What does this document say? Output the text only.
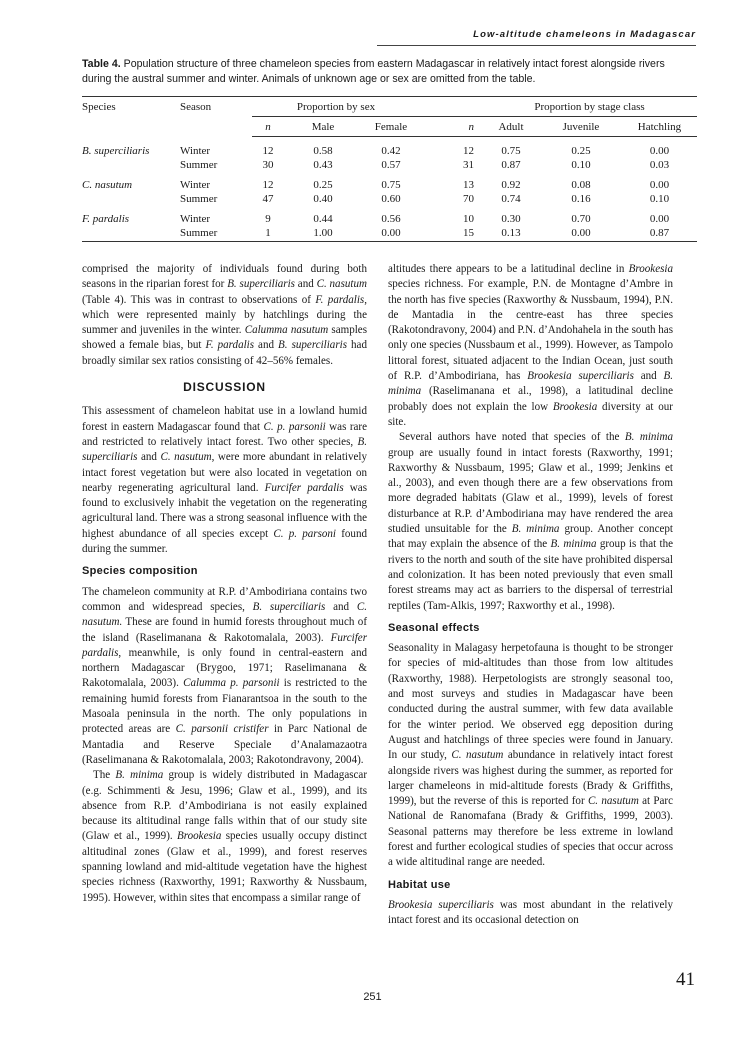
Low-altitude chameleons in Madagascar
Table 4. Population structure of three chameleon species from eastern Madagascar in relatively intact forest alongside rivers during the austral summer and winter. Animals of unknown age or sex are omitted from the table.
Species	Season	Proportion by sex				Proportion by stage class		
		n	Male	Female	n	Adult	Juvenile	Hatchling

B. superciliaris	Winter	12	0.58	0.42	12	0.75	0.25	0.00
	Summer	30	0.43	0.57	31	0.87	0.10	0.03

C. nasutum	Winter	12	0.25	0.75	13	0.92	0.08	0.00
	Summer	47	0.40	0.60	70	0.74	0.16	0.10

F. pardalis	Winter	9	0.44	0.56	10	0.30	0.70	0.00
	Summer	1	1.00	0.00	15	0.13	0.00	0.87

comprised the majority of individuals found during both seasons in the riparian forest for B. superciliaris and C. nasutum (Table 4). This was in contrast to observations of F. pardalis, which were represented mainly by hatchlings during the summer and juveniles in the winter. Calumma nasutum samples showed a female bias, but F. pardalis and B. superciliaris had broadly similar sex ratios consisting of 42–56% females.

DISCUSSION

This assessment of chameleon habitat use in a lowland humid forest in eastern Madagascar found that C. p. parsonii was rare and restricted to relatively intact forest. Two other species, B. superciliaris and C. nasutum, were more abundant in relatively intact forest vegetation but were also located in vegetation on nearby regenerating agricultural land. Furcifer pardalis was found to exclusively inhabit the vegetation on the regenerating agricultural land. There was a strong seasonal influence with the highest abundance of all species except C. p. parsoni found during the summer.

Species composition

The chameleon community at R.P. d’Ambodiriana contains two common and widespread species, B. superciliaris and C. nasutum. These are found in humid forests throughout much of the island (Raselimanana & Rakotomalala, 2003). Furcifer pardalis, meanwhile, is only found in central-eastern and northern Madagascar (Brygoo, 1971; Raselimanana & Rakotomalala, 2003). Calumma p. parsonii is restricted to the remaining humid forests from Fianarantsoa in the south to the Masoala peninsula in the north. The only populations in protected areas are C. parsonii cristifer in Parc National de Mantadia and Reserve Speciale d’Analamazaotra (Raselimanana & Rakotomalala, 2003; Rakotondravony, 2004).

The B. minima group is widely distributed in Madagascar (e.g. Schimmenti & Jesu, 1996; Glaw et al., 1999), and its absence from R.P. d’Ambodiriana is not easily explained because its altitudinal range falls within that of our study site (Glaw et al., 1999). Brookesia species usually occupy distinct altitudinal zones (Glaw et al., 1999), and forest reserves spanning lowland and mid-altitude vegetation have the highest species richness (Raxworthy, 1991; Raxworthy & Nussbaum, 1995). However, within sites that encompass a similar range of

altitudes there appears to be a latitudinal decline in Brookesia species richness. For example, P.N. de Montagne d’Ambre in the north has five species (Raxworthy & Nussbaum, 1994), P.N. de Mantadia in the centre-east has three species (Rakotondravony, 2004) and P.N. d’Andohahela in the south has only one species (Nussbaum et al., 1999). However, as Tampolo littoral forest, situated adjacent to the Indian Ocean, just south of R.P. d’Ambodiriana, has Brookesia superciliaris and B. minima (Raselimanana et al., 1998), a latitudinal decline probably does not explain the low Brookesia diversity at our site.

Several authors have noted that species of the B. minima group are usually found in intact forests (Raxworthy, 1991; Raxworthy & Nussbaum, 1995; Glaw et al., 1999; Jenkins et al., 2003), and even though there are a few observations from more degraded habitats (Glaw et al., 1999), levels of forest disturbance at R.P. d’Ambodiriana may have rendered the area studied unsuitable for the B. minima group. Another concept that may explain the absence of the B. minima group is that the rivers to the north and south of the site have prohibited dispersal and colonization. It has been noted previously that even small forest streams may act as barriers to the dispersal of terrestrial reptiles (Tam-Alkis, 1997; Raxworthy et al., 1998).

Seasonal effects

Seasonality in Malagasy herpetofauna is thought to be stronger for species of mid-altitudes than those from low altitudes (Raxworthy, 1988). Herpetologists are strongly seasonal too, and most surveys and studies in Madagascar have been conducted during the austral summer, with few data available for the winter period. We observed egg deposition during August and hatchlings of three species were found in January. In our study, C. nasutum abundance in relatively intact forest alongside rivers was highest during the summer, as reported for larger chameleons in mid-altitude forests (Brady & Griffiths, 1999), but the reverse of this is reported for C. nasutum at Parc National de Ranomafana (Brady & Griffiths, 1999, 2003). Seasonal patterns may therefore be less extreme in lowland forest and further ecological studies of species that occur across a wide altitudinal range are needed.

Habitat use

Brookesia superciliaris was most abundant in the relatively intact forest and its occasional detection on

41
251
